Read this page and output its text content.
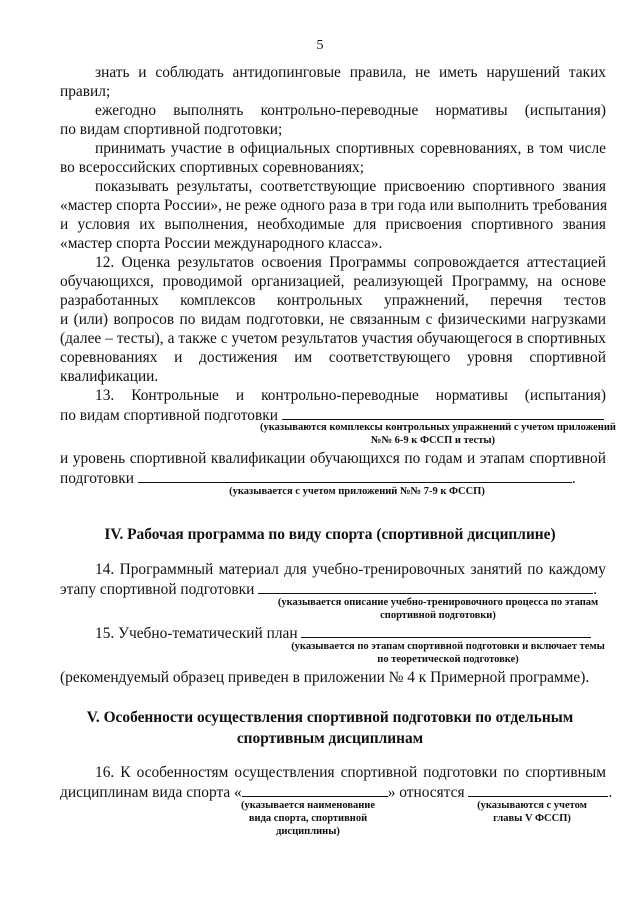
5
знать и соблюдать антидопинговые правила, не иметь нарушений таких
правил;
ежегодно выполнять контрольно-переводные нормативы (испытания)
по видам спортивной подготовки;
принимать участие в официальных спортивных соревнованиях, в том числе
во всероссийских спортивных соревнованиях;
показывать результаты, соответствующие присвоению спортивного звания
«мастер спорта России», не реже одного раза в три года или выполнить требования
и условия их выполнения, необходимые для присвоения спортивного звания
«мастер спорта России международного класса».
12. Оценка результатов освоения Программы сопровождается аттестацией
обучающихся, проводимой организацией, реализующей Программу, на основе
разработанных комплексов контрольных упражнений, перечня тестов
и (или) вопросов по видам подготовки, не связанным с физическими нагрузками
(далее – тесты), а также с учетом результатов участия обучающегося в спортивных
соревнованиях и достижения им соответствующего уровня спортивной
квалификации.
13. Контрольные и контрольно-переводные нормативы (испытания)
по видам спортивной подготовки
(указываются комплексы контрольных упражнений с учетом приложений
№№ 6-9 к ФССП и тесты)
и уровень спортивной квалификации обучающихся по годам и этапам спортивной
подготовки	.
(указывается с учетом приложений №№ 7-9 к ФССП)
IV. Рабочая программа по виду спорта (спортивной дисциплине)
14. Программный материал для учебно-тренировочных занятий по каждому
этапу спортивной подготовки	.
(указывается описание учебно-тренировочного процесса по этапам
спортивной подготовки)
15. Учебно-тематический план
(указывается по этапам спортивной подготовки и включает темы
по теоретической подготовке)
(рекомендуемый образец приведен в приложении № 4 к Примерной программе).
V. Особенности осуществления спортивной подготовки по отдельным
спортивным дисциплинам
16. К особенностям осуществления спортивной подготовки по спортивным
дисциплинам вида спорта «	» относятся	.
(указывается наименование
вида спорта, спортивной
дисциплины)
(указываются с учетом
главы V ФССП)
